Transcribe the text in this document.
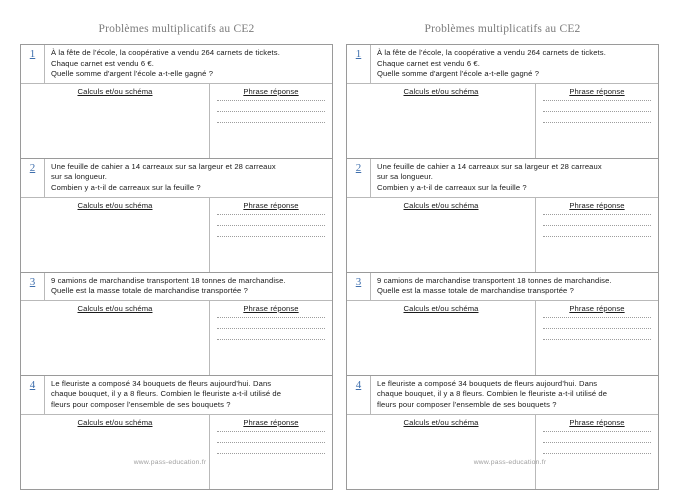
Problèmes multiplicatifs au CE2
1 À la fête de l’école, la coopérative a vendu 264 carnets de tickets.
Chaque carnet est vendu 6 €.
Quelle somme d'argent l'école a-t-elle gagné ?
Calculs et/ou schéma	Phrase réponse
2 Une feuille de cahier a 14 carreaux sur sa largeur et 28 carreaux
sur sa longueur.
Combien y a-t-il de carreaux sur la feuille ?
Calculs et/ou schéma	Phrase réponse
3 9 camions de marchandise transportent 18 tonnes de marchandise.
Quelle est la masse totale de marchandise transportée ?
Calculs et/ou schéma	Phrase réponse
4 Le fleuriste a composé 34 bouquets de fleurs aujourd’hui. Dans
chaque bouquet, il y a 8 fleurs. Combien le fleuriste a-t-il utilisé de
fleurs pour composer l'ensemble de ses bouquets ?
Calculs et/ou schéma	Phrase réponse
www.pass-education.fr
Problèmes multiplicatifs au CE2
1 À la fête de l’école, la coopérative a vendu 264 carnets de tickets.
Chaque carnet est vendu 6 €.
Quelle somme d'argent l'école a-t-elle gagné ?
Calculs et/ou schéma	Phrase réponse
2 Une feuille de cahier a 14 carreaux sur sa largeur et 28 carreaux
sur sa longueur.
Combien y a-t-il de carreaux sur la feuille ?
Calculs et/ou schéma	Phrase réponse
3 9 camions de marchandise transportent 18 tonnes de marchandise.
Quelle est la masse totale de marchandise transportée ?
Calculs et/ou schéma	Phrase réponse
4 Le fleuriste a composé 34 bouquets de fleurs aujourd’hui. Dans
chaque bouquet, il y a 8 fleurs. Combien le fleuriste a-t-il utilisé de
fleurs pour composer l'ensemble de ses bouquets ?
Calculs et/ou schéma	Phrase réponse
www.pass-education.fr
